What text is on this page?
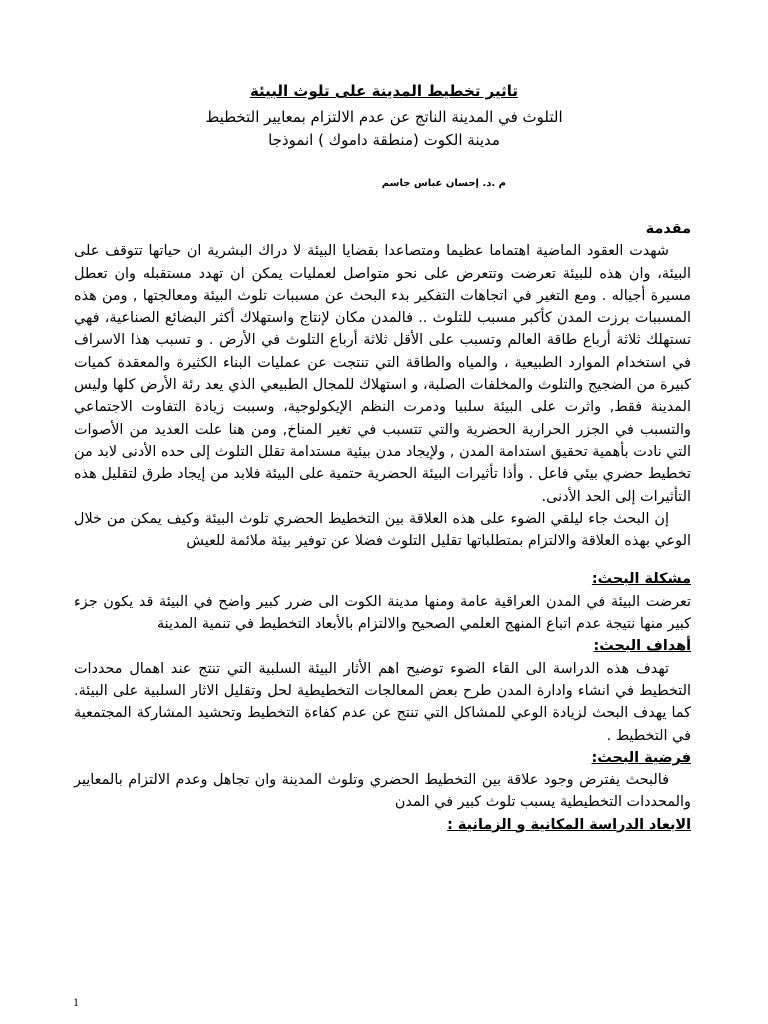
تاثير تخطيط المدينة على تلوث البيئة
التلوث في المدينة الناتج عن عدم الالتزام بمعايير التخطيط
مدينة الكوت (منطقة داموك ) انموذجا
م .د. إحسان عباس جاسم

مقدمة

شهدت العقود الماضية اهتماما عظيما ومتصاعدا بقضايا البيئة لا دراك البشرية ان حياتها تتوقف على البيئة، وان هذه للبيئة تعرضت وتتعرض على نحو متواصل لعمليات يمكن ان تهدد مستقبله وان تعطل مسيرة أجياله . ومع التغير في اتجاهات التفكير بدء البحث عن مسببات تلوث البيئة ومعالجتها , ومن هذه المسببات برزت المدن كأكبر مسبب للتلوث .. فالمدن مكان لإنتاج واستهلاك أكثر البضائع الصناعية، فهي تستهلك ثلاثة أرباع طاقة العالم وتسبب على الأقل ثلاثة أرباع التلوث في الأرض . و تسبب هذا الاسراف في استخدام الموارد الطبيعية ، والمياه والطاقة التي تنتجت عن عمليات البناء الكثيرة والمعقدة كميات كبيرة من الضجيج والتلوث والمخلفات الصلبة، و استهلاك للمجال الطبيعي الذي يعد رئة الأرض كلها وليس المدينة فقط, واثرت على البيئة سلبيا ودمرت النظم الإيكولوجية، وسببت زيادة التفاوت الاجتماعي والتسبب في الجزر الحرارية الحضرية والتي تتسبب في تغير المناخ, ومن هنا علت العديد من الأصوات التي نادت بأهمية تحقيق استدامة المدن , ولإيجاد مدن بيئية مستدامة تقلل التلوث إلى حده الأدنى لابد من تخطيط حضري بيئي فاعل . وأذا تأثيرات البيئة الحضرية حتمية على البيئة فلابد من إيجاد طرق لتقليل هذه التأثيرات إلى الحد الأدنى.

إن البحث جاء ليلقي الضوء على هذه العلاقة بين التخطيط الحضري تلوث البيئة وكيف يمكن من خلال الوعي بهذه العلاقة والالتزام بمتطلباتها تقليل التلوث فضلا عن توفير بيئة ملائمة للعيش

مشكلة البحث:

تعرضت البيئة في المدن العراقية عامة ومنها مدينة الكوت الى ضرر كبير واضح في البيئة قد يكون جزء كبير منها نتيجة عدم اتباع المنهج العلمي الصحيح والالتزام بالأبعاد التخطيط في تنمية المدينة

أهداف البحث:

تهدف هذه الدراسة الى القاء الضوء توضيح اهم الأثار البيئة السلبية التي تنتج عند اهمال محددات التخطيط في انشاء وادارة المدن طرح بعض المعالجات التخطيطية لحل وتقليل الاثار السلبية على البيئة. كما يهدف البحث لزيادة الوعي للمشاكل التي تنتج عن عدم كفاءة التخطيط وتحشيد المشاركة المجتمعية في التخطيط .

فرضية البحث:

فالبحث يفترض وجود علاقة بين التخطيط الحضري وتلوث المدينة وان تجاهل وعدم الالتزام بالمعايير والمحددات التخطيطية يسبب تلوث كبير في المدن

الابعاد الدراسة المكانية و الزمانية :

1
